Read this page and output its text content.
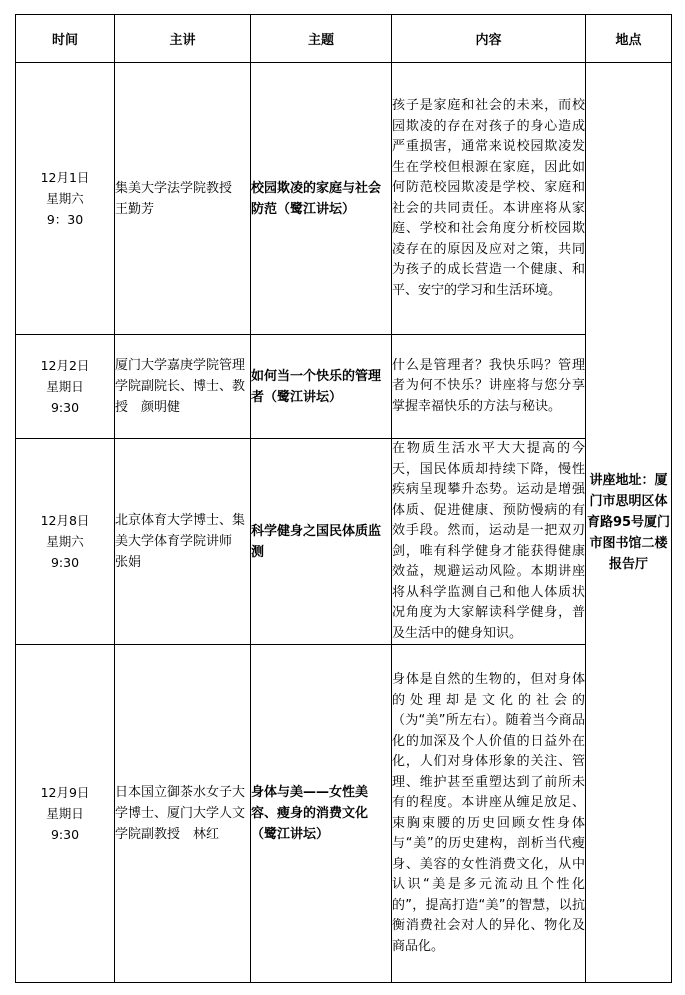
时间	主讲	主题	内容	地点

12月1日
星期六
9：30	集美大学法学院教授　王勤芳	校园欺凌的家庭与社会防范（鹭江讲坛）	孩子是家庭和社会的未来，而校园欺凌的存在对孩子的身心造成严重损害，通常来说校园欺凌发生在学校但根源在家庭，因此如何防范校园欺凌是学校、家庭和社会的共同责任。本讲座将从家庭、学校和社会角度分析校园欺凌存在的原因及应对之策，共同为孩子的成长营造一个健康、和平、安宁的学习和生活环境。	讲座地址：厦门市思明区体育路95号厦门市图书馆二楼报告厅

12月2日
星期日
9:30	厦门大学嘉庚学院管理学院副院长、博士、教授　颜明健	如何当一个快乐的管理者（鹭江讲坛）	什么是管理者？我快乐吗？管理者为何不快乐？讲座将与您分享掌握幸福快乐的方法与秘诀。	

12月8日
星期六
9:30	北京体育大学博士、集美大学体育学院讲师　　张娟	科学健身之国民体质监测	在物质生活水平大大提高的今天，国民体质却持续下降，慢性疾病呈现攀升态势。运动是增强体质、促进健康、预防慢病的有效手段。然而，运动是一把双刃剑，唯有科学健身才能获得健康效益，规避运动风险。本期讲座将从科学监测自己和他人体质状况角度为大家解读科学健身，普及生活中的健身知识。	

12月9日
星期日
9:30	日本国立御茶水女子大学博士、厦门大学人文学院副教授　林红	身体与美——女性美容、瘦身的消费文化（鹭江讲坛）	身体是自然的生物的，但对身体的处理却是文化的社会的（为“美”所左右）。随着当今商品化的加深及个人价值的日益外在化，人们对身体形象的关注、管理、维护甚至重塑达到了前所未有的程度。本讲座从缠足放足、束胸束腰的历史回顾女性身体与“美”的历史建构，剖析当代瘦身、美容的女性消费文化，从中认识“美是多元流动且个性化的”，提高打造“美”的智慧，以抗衡消费社会对人的异化、物化及商品化。	
